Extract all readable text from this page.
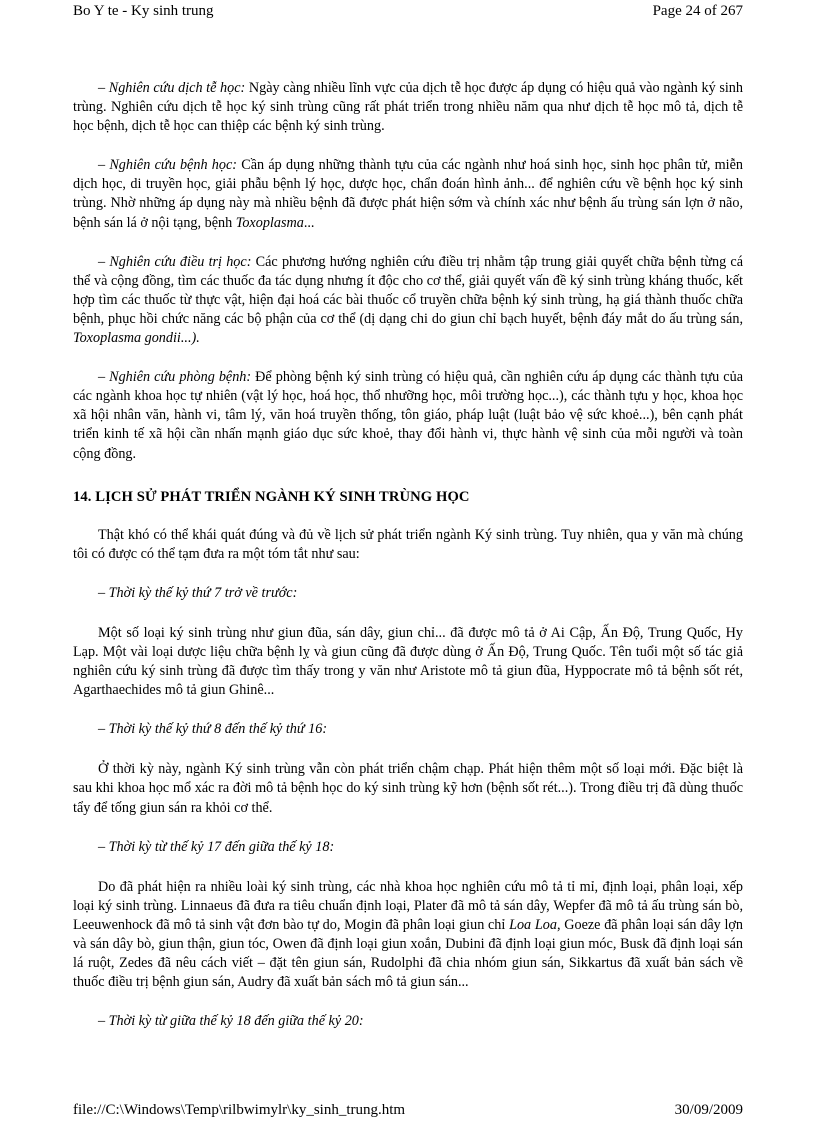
Bo Y te - Ky sinh trung	Page 24 of 267

– Nghiên cứu dịch tễ học: Ngày càng nhiều lĩnh vực của dịch tễ học được áp dụng có hiệu quả vào ngành ký sinh trùng. Nghiên cứu dịch tễ học ký sinh trùng cũng rất phát triển trong nhiều năm qua như dịch tễ học mô tả, dịch tễ học bệnh, dịch tễ học can thiệp các bệnh ký sinh trùng.

– Nghiên cứu bệnh học: Cần áp dụng những thành tựu của các ngành như hoá sinh học, sinh học phân tử, miễn dịch học, di truyền học, giải phẫu bệnh lý học, dược học, chẩn đoán hình ảnh... để nghiên cứu về bệnh học ký sinh trùng. Nhờ những áp dụng này mà nhiều bệnh đã được phát hiện sớm và chính xác như bệnh ấu trùng sán lợn ở não, bệnh sán lá ở nội tạng, bệnh Toxoplasma...

– Nghiên cứu điều trị học: Các phương hướng nghiên cứu điều trị nhằm tập trung giải quyết chữa bệnh từng cá thể và cộng đồng, tìm các thuốc đa tác dụng nhưng ít độc cho cơ thể, giải quyết vấn đề ký sinh trùng kháng thuốc, kết hợp tìm các thuốc từ thực vật, hiện đại hoá các bài thuốc cổ truyền chữa bệnh ký sinh trùng, hạ giá thành thuốc chữa bệnh, phục hồi chức năng các bộ phận của cơ thể (dị dạng chi do giun chỉ bạch huyết, bệnh đáy mắt do ấu trùng sán, Toxoplasma gondii...).

– Nghiên cứu phòng bệnh: Để phòng bệnh ký sinh trùng có hiệu quả, cần nghiên cứu áp dụng các thành tựu của các ngành khoa học tự nhiên (vật lý học, hoá học, thổ nhưỡng học, môi trường học...), các thành tựu y học, khoa học xã hội nhân văn, hành vi, tâm lý, văn hoá truyền thống, tôn giáo, pháp luật (luật bảo vệ sức khoẻ...), bên cạnh phát triển kinh tế xã hội cần nhấn mạnh giáo dục sức khoẻ, thay đổi hành vi, thực hành vệ sinh của mỗi người và toàn cộng đồng.

14. LỊCH SỬ PHÁT TRIỂN NGÀNH KÝ SINH TRÙNG HỌC

Thật khó có thể khái quát đúng và đủ về lịch sử phát triển ngành Ký sinh trùng. Tuy nhiên, qua y văn mà chúng tôi có được có thể tạm đưa ra một tóm tắt như sau:

– Thời kỳ thế kỷ thứ 7 trở về trước:

Một số loại ký sinh trùng như giun đũa, sán dây, giun chỉ... đã được mô tả ở Ai Cập, Ấn Độ, Trung Quốc, Hy Lạp. Một vài loại dược liệu chữa bệnh lỵ và giun cũng đã được dùng ở Ấn Độ, Trung Quốc. Tên tuổi một số tác giả nghiên cứu ký sinh trùng đã được tìm thấy trong y văn như Aristote mô tả giun đũa, Hyppocrate mô tả bệnh sốt rét, Agarthaechides mô tả giun Ghinê...

– Thời kỳ thế kỷ thứ 8 đến thế kỷ thứ 16:

Ở thời kỳ này, ngành Ký sinh trùng vẫn còn phát triển chậm chạp. Phát hiện thêm một số loại mới. Đặc biệt là sau khi khoa học mổ xác ra đời mô tả bệnh học do ký sinh trùng kỹ hơn (bệnh sốt rét...). Trong điều trị đã dùng thuốc tẩy để tống giun sán ra khỏi cơ thể.

– Thời kỳ từ thế kỷ 17 đến giữa thế kỷ 18:

Do đã phát hiện ra nhiều loài ký sinh trùng, các nhà khoa học nghiên cứu mô tả tỉ mỉ, định loại, phân loại, xếp loại ký sinh trùng. Linnaeus đã đưa ra tiêu chuẩn định loại, Plater đã mô tả sán dây, Wepfer đã mô tả ấu trùng sán bò, Leeuwenhock đã mô tả sinh vật đơn bào tự do, Mogin đã phân loại giun chỉ Loa Loa, Goeze đã phân loại sán dây lợn và sán dây bò, giun thận, giun tóc, Owen đã định loại giun xoắn, Dubini đã định loại giun móc, Busk đã định loại sán lá ruột, Zedes đã nêu cách viết – đặt tên giun sán, Rudolphi đã chia nhóm giun sán, Sikkartus đã xuất bản sách về thuốc điều trị bệnh giun sán, Audry đã xuất bản sách mô tả giun sán...

– Thời kỳ từ giữa thế kỷ 18 đến giữa thế kỷ 20:

file://C:\Windows\Temp\rilbwimylr\ky_sinh_trung.htm	30/09/2009
